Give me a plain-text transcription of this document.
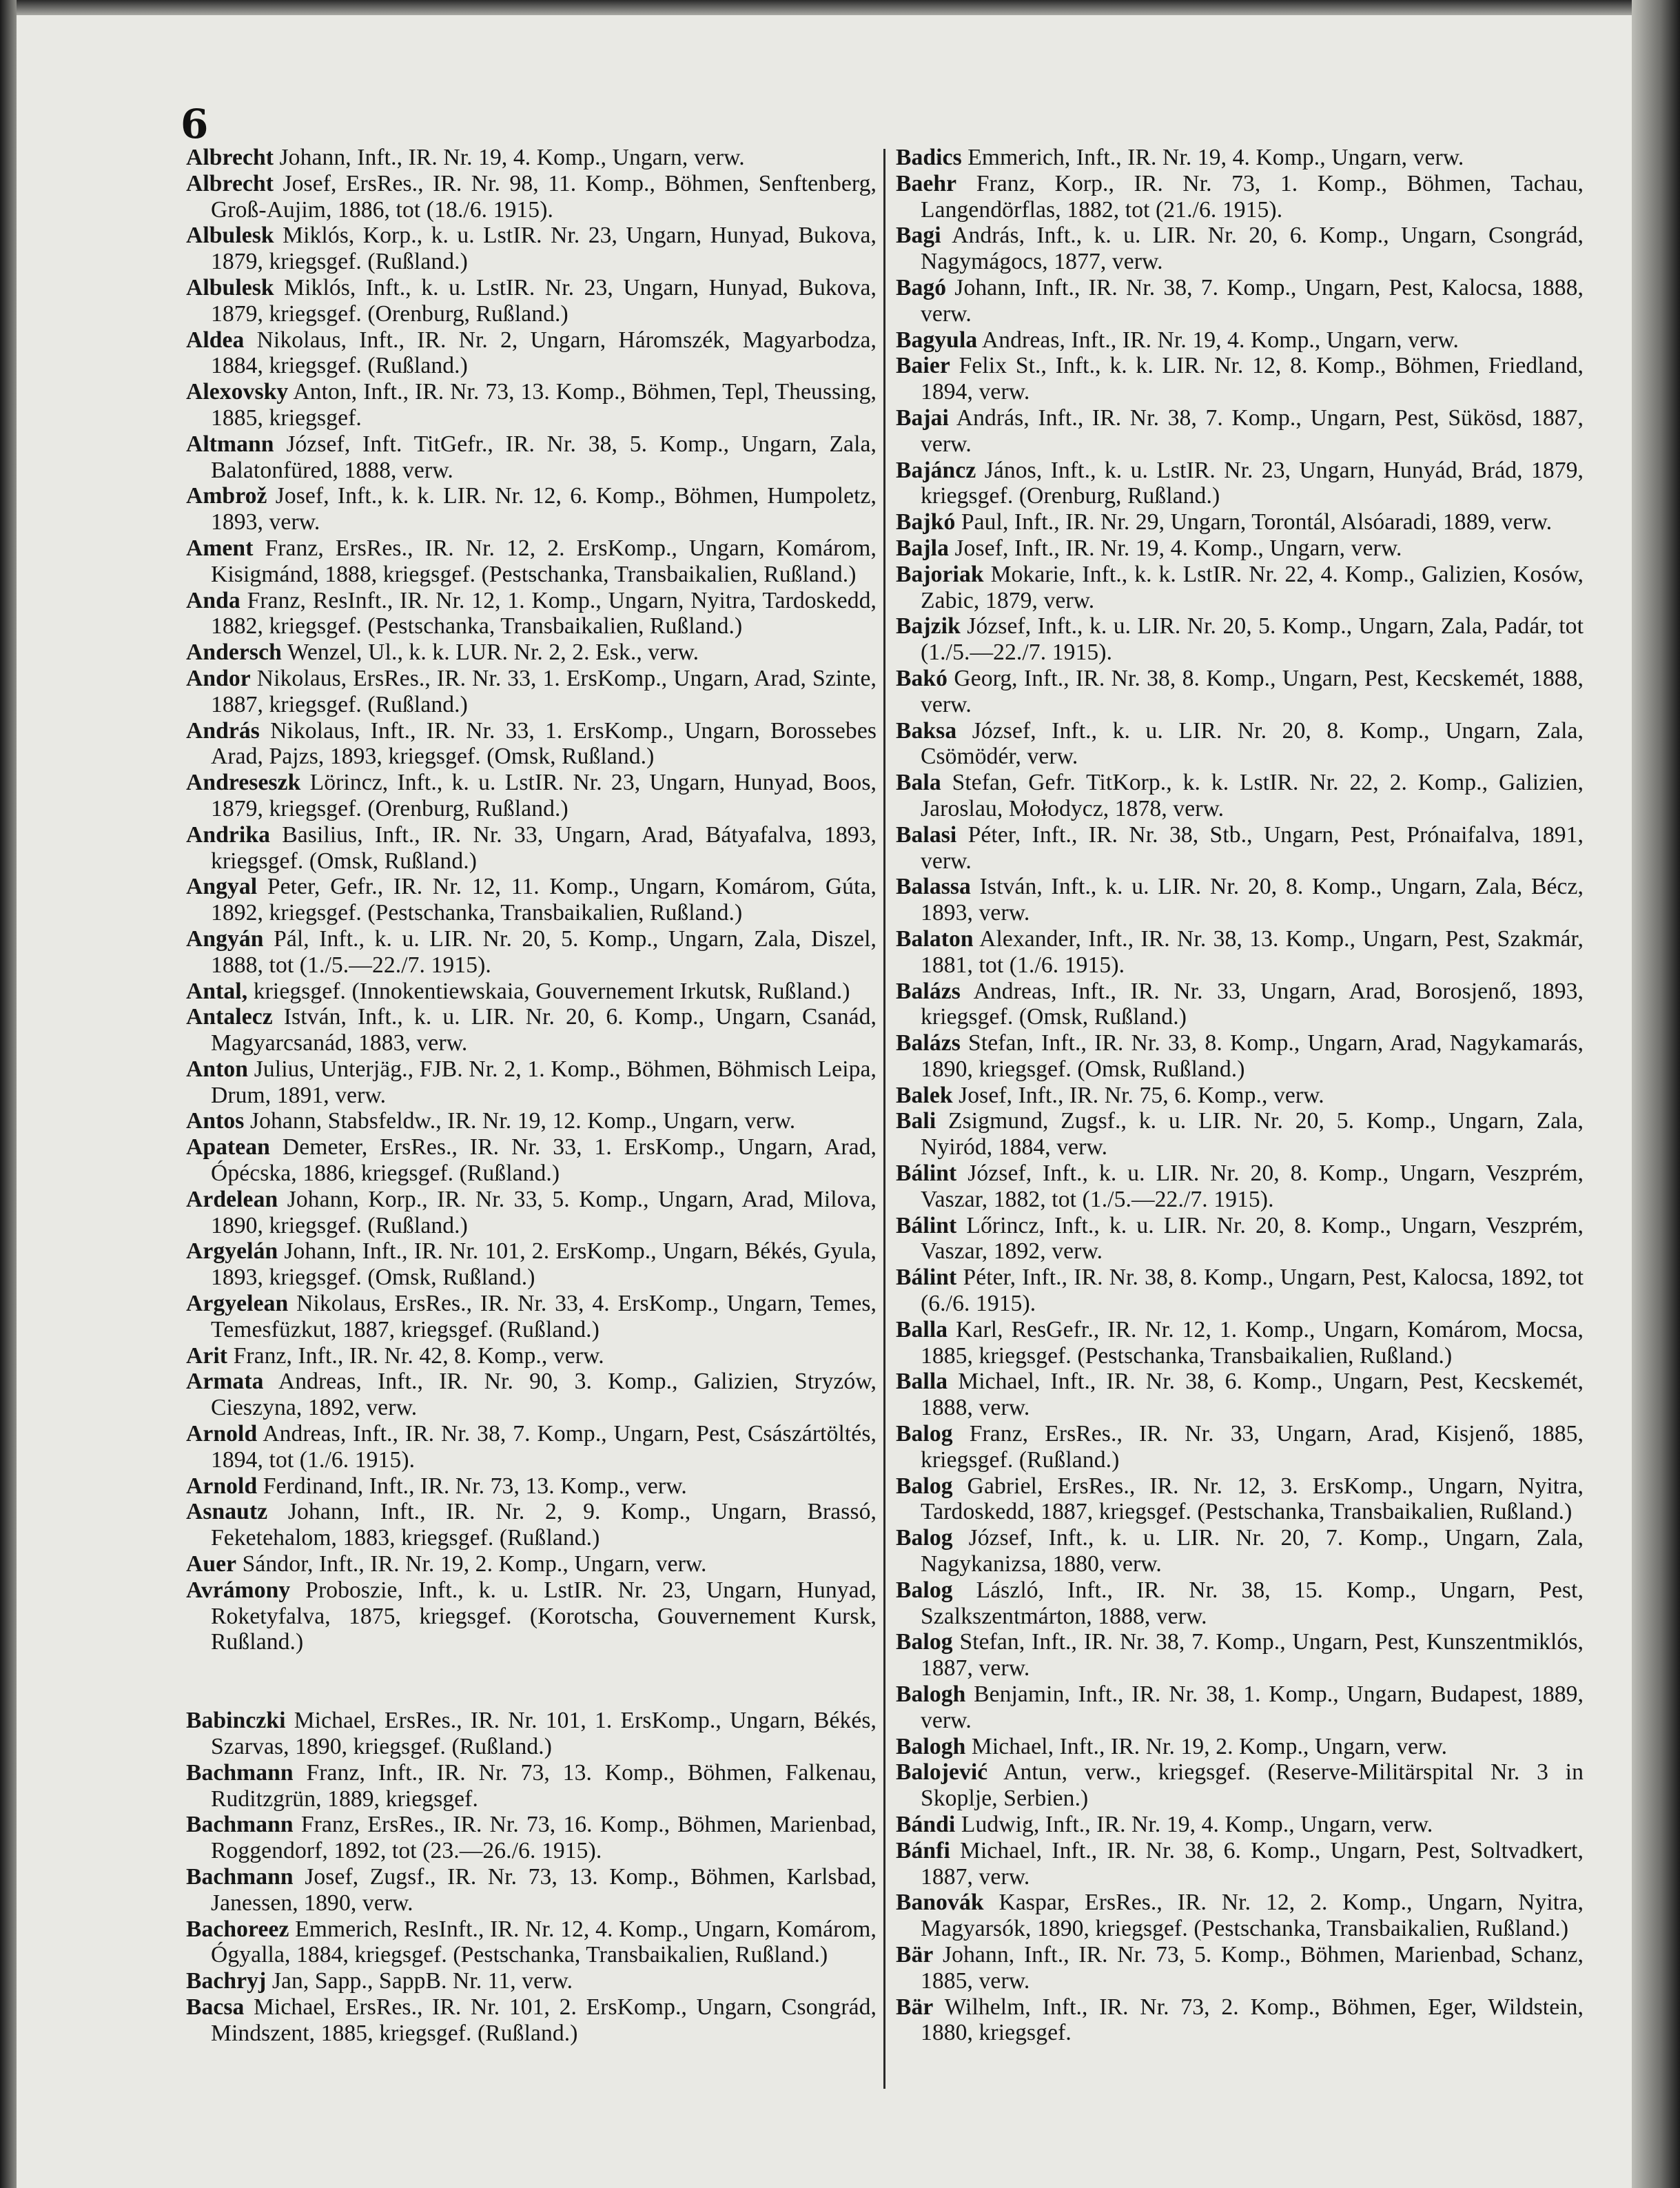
6

Albrecht Johann, Inft., IR. Nr. 19, 4. Komp., Ungarn, verw.

Albrecht Josef, ErsRes., IR. Nr. 98, 11. Komp., Böhmen, Senftenberg, Groß-Aujim, 1886, tot (18./6. 1915).

Albulesk Miklós, Korp., k. u. LstIR. Nr. 23, Ungarn, Hunyad, Bukova, 1879, kriegsgef. (Rußland.)

Albulesk Miklós, Inft., k. u. LstIR. Nr. 23, Ungarn, Hunyad, Bukova, 1879, kriegsgef. (Orenburg, Rußland.)

Aldea Nikolaus, Inft., IR. Nr. 2, Ungarn, Háromszék, Magyarbodza, 1884, kriegsgef. (Rußland.)

Alexovsky Anton, Inft., IR. Nr. 73, 13. Komp., Böhmen, Tepl, Theussing, 1885, kriegsgef.

Altmann József, Inft. TitGefr., IR. Nr. 38, 5. Komp., Ungarn, Zala, Balatonfüred, 1888, verw.

Ambrož Josef, Inft., k. k. LIR. Nr. 12, 6. Komp., Böhmen, Humpoletz, 1893, verw.

Ament Franz, ErsRes., IR. Nr. 12, 2. ErsKomp., Ungarn, Komárom, Kisigmánd, 1888, kriegsgef. (Pestschanka, Transbaikalien, Rußland.)

Anda Franz, ResInft., IR. Nr. 12, 1. Komp., Ungarn, Nyitra, Tardoskedd, 1882, kriegsgef. (Pestschanka, Transbaikalien, Rußland.)

Andersch Wenzel, Ul., k. k. LUR. Nr. 2, 2. Esk., verw.

Andor Nikolaus, ErsRes., IR. Nr. 33, 1. ErsKomp., Ungarn, Arad, Szinte, 1887, kriegsgef. (Rußland.)

András Nikolaus, Inft., IR. Nr. 33, 1. ErsKomp., Ungarn, Borossebes Arad, Pajzs, 1893, kriegsgef. (Omsk, Rußland.)

Andreseszk Lörincz, Inft., k. u. LstIR. Nr. 23, Ungarn, Hunyad, Boos, 1879, kriegsgef. (Orenburg, Rußland.)

Andrika Basilius, Inft., IR. Nr. 33, Ungarn, Arad, Bátyafalva, 1893, kriegsgef. (Omsk, Rußland.)

Angyal Peter, Gefr., IR. Nr. 12, 11. Komp., Ungarn, Komárom, Gúta, 1892, kriegsgef. (Pestschanka, Transbaikalien, Rußland.)

Angyán Pál, Inft., k. u. LIR. Nr. 20, 5. Komp., Ungarn, Zala, Diszel, 1888, tot (1./5.—22./7. 1915).

Antal, kriegsgef. (Innokentiewskaia, Gouvernement Irkutsk, Rußland.)

Antalecz István, Inft., k. u. LIR. Nr. 20, 6. Komp., Ungarn, Csanád, Magyarcsanád, 1883, verw.

Anton Julius, Unterjäg., FJB. Nr. 2, 1. Komp., Böhmen, Böhmisch Leipa, Drum, 1891, verw.

Antos Johann, Stabsfeldw., IR. Nr. 19, 12. Komp., Ungarn, verw.

Apatean Demeter, ErsRes., IR. Nr. 33, 1. ErsKomp., Ungarn, Arad, Ópécska, 1886, kriegsgef. (Rußland.)

Ardelean Johann, Korp., IR. Nr. 33, 5. Komp., Ungarn, Arad, Milova, 1890, kriegsgef. (Rußland.)

Argyelán Johann, Inft., IR. Nr. 101, 2. ErsKomp., Ungarn, Békés, Gyula, 1893, kriegsgef. (Omsk, Rußland.)

Argyelean Nikolaus, ErsRes., IR. Nr. 33, 4. ErsKomp., Ungarn, Temes, Temesfüzkut, 1887, kriegsgef. (Rußland.)

Arit Franz, Inft., IR. Nr. 42, 8. Komp., verw.

Armata Andreas, Inft., IR. Nr. 90, 3. Komp., Galizien, Stryzów, Cieszyna, 1892, verw.

Arnold Andreas, Inft., IR. Nr. 38, 7. Komp., Ungarn, Pest, Császártöltés, 1894, tot (1./6. 1915).

Arnold Ferdinand, Inft., IR. Nr. 73, 13. Komp., verw.

Asnautz Johann, Inft., IR. Nr. 2, 9. Komp., Ungarn, Brassó, Feketehalom, 1883, kriegsgef. (Rußland.)

Auer Sándor, Inft., IR. Nr. 19, 2. Komp., Ungarn, verw.

Avrámony Proboszie, Inft., k. u. LstIR. Nr. 23, Ungarn, Hunyad, Roketyfalva, 1875, kriegsgef. (Korotscha, Gouvernement Kursk, Rußland.)

Babinczki Michael, ErsRes., IR. Nr. 101, 1. ErsKomp., Ungarn, Békés, Szarvas, 1890, kriegsgef. (Rußland.)

Bachmann Franz, Inft., IR. Nr. 73, 13. Komp., Böhmen, Falkenau, Ruditzgrün, 1889, kriegsgef.

Bachmann Franz, ErsRes., IR. Nr. 73, 16. Komp., Böhmen, Marienbad, Roggendorf, 1892, tot (23.—26./6. 1915).

Bachmann Josef, Zugsf., IR. Nr. 73, 13. Komp., Böhmen, Karlsbad, Janessen, 1890, verw.

Bachoreez Emmerich, ResInft., IR. Nr. 12, 4. Komp., Ungarn, Komárom, Ógyalla, 1884, kriegsgef. (Pestschanka, Transbaikalien, Rußland.)

Bachryj Jan, Sapp., SappB. Nr. 11, verw.

Bacsa Michael, ErsRes., IR. Nr. 101, 2. ErsKomp., Ungarn, Csongrád, Mindszent, 1885, kriegsgef. (Rußland.)

Badics Emmerich, Inft., IR. Nr. 19, 4. Komp., Ungarn, verw.

Baehr Franz, Korp., IR. Nr. 73, 1. Komp., Böhmen, Tachau, Langendörflas, 1882, tot (21./6. 1915).

Bagi András, Inft., k. u. LIR. Nr. 20, 6. Komp., Ungarn, Csongrád, Nagymágocs, 1877, verw.

Bagó Johann, Inft., IR. Nr. 38, 7. Komp., Ungarn, Pest, Kalocsa, 1888, verw.

Bagyula Andreas, Inft., IR. Nr. 19, 4. Komp., Ungarn, verw.

Baier Felix St., Inft., k. k. LIR. Nr. 12, 8. Komp., Böhmen, Friedland, 1894, verw.

Bajai András, Inft., IR. Nr. 38, 7. Komp., Ungarn, Pest, Sükösd, 1887, verw.

Bajáncz János, Inft., k. u. LstIR. Nr. 23, Ungarn, Hunyád, Brád, 1879, kriegsgef. (Orenburg, Rußland.)

Bajkó Paul, Inft., IR. Nr. 29, Ungarn, Torontál, Alsóaradi, 1889, verw.

Bajla Josef, Inft., IR. Nr. 19, 4. Komp., Ungarn, verw.

Bajoriak Mokarie, Inft., k. k. LstIR. Nr. 22, 4. Komp., Galizien, Kosów, Zabic, 1879, verw.

Bajzik József, Inft., k. u. LIR. Nr. 20, 5. Komp., Ungarn, Zala, Padár, tot (1./5.—22./7. 1915).

Bakó Georg, Inft., IR. Nr. 38, 8. Komp., Ungarn, Pest, Kecskemét, 1888, verw.

Baksa József, Inft., k. u. LIR. Nr. 20, 8. Komp., Ungarn, Zala, Csömödér, verw.

Bala Stefan, Gefr. TitKorp., k. k. LstIR. Nr. 22, 2. Komp., Galizien, Jaroslau, Mołodycz, 1878, verw.

Balasi Péter, Inft., IR. Nr. 38, Stb., Ungarn, Pest, Prónaifalva, 1891, verw.

Balassa István, Inft., k. u. LIR. Nr. 20, 8. Komp., Ungarn, Zala, Bécz, 1893, verw.

Balaton Alexander, Inft., IR. Nr. 38, 13. Komp., Ungarn, Pest, Szakmár, 1881, tot (1./6. 1915).

Balázs Andreas, Inft., IR. Nr. 33, Ungarn, Arad, Borosjenő, 1893, kriegsgef. (Omsk, Rußland.)

Balázs Stefan, Inft., IR. Nr. 33, 8. Komp., Ungarn, Arad, Nagykamarás, 1890, kriegsgef. (Omsk, Rußland.)

Balek Josef, Inft., IR. Nr. 75, 6. Komp., verw.

Bali Zsigmund, Zugsf., k. u. LIR. Nr. 20, 5. Komp., Ungarn, Zala, Nyiród, 1884, verw.

Bálint József, Inft., k. u. LIR. Nr. 20, 8. Komp., Ungarn, Veszprém, Vaszar, 1882, tot (1./5.—22./7. 1915).

Bálint Lőrincz, Inft., k. u. LIR. Nr. 20, 8. Komp., Ungarn, Veszprém, Vaszar, 1892, verw.

Bálint Péter, Inft., IR. Nr. 38, 8. Komp., Ungarn, Pest, Kalocsa, 1892, tot (6./6. 1915).

Balla Karl, ResGefr., IR. Nr. 12, 1. Komp., Ungarn, Komárom, Mocsa, 1885, kriegsgef. (Pestschanka, Transbaikalien, Rußland.)

Balla Michael, Inft., IR. Nr. 38, 6. Komp., Ungarn, Pest, Kecskemét, 1888, verw.

Balog Franz, ErsRes., IR. Nr. 33, Ungarn, Arad, Kisjenő, 1885, kriegsgef. (Rußland.)

Balog Gabriel, ErsRes., IR. Nr. 12, 3. ErsKomp., Ungarn, Nyitra, Tardoskedd, 1887, kriegsgef. (Pestschanka, Transbaikalien, Rußland.)

Balog József, Inft., k. u. LIR. Nr. 20, 7. Komp., Ungarn, Zala, Nagykanizsa, 1880, verw.

Balog László, Inft., IR. Nr. 38, 15. Komp., Ungarn, Pest, Szalkszentmárton, 1888, verw.

Balog Stefan, Inft., IR. Nr. 38, 7. Komp., Ungarn, Pest, Kunszentmiklós, 1887, verw.

Balogh Benjamin, Inft., IR. Nr. 38, 1. Komp., Ungarn, Budapest, 1889, verw.

Balogh Michael, Inft., IR. Nr. 19, 2. Komp., Ungarn, verw.

Balojević Antun, verw., kriegsgef. (Reserve-Militärspital Nr. 3 in Skoplje, Serbien.)

Bándi Ludwig, Inft., IR. Nr. 19, 4. Komp., Ungarn, verw.

Bánfi Michael, Inft., IR. Nr. 38, 6. Komp., Ungarn, Pest, Soltvadkert, 1887, verw.

Banovák Kaspar, ErsRes., IR. Nr. 12, 2. Komp., Ungarn, Nyitra, Magyarsók, 1890, kriegsgef. (Pestschanka, Transbaikalien, Rußland.)

Bär Johann, Inft., IR. Nr. 73, 5. Komp., Böhmen, Marienbad, Schanz, 1885, verw.

Bär Wilhelm, Inft., IR. Nr. 73, 2. Komp., Böhmen, Eger, Wildstein, 1880, kriegsgef.
